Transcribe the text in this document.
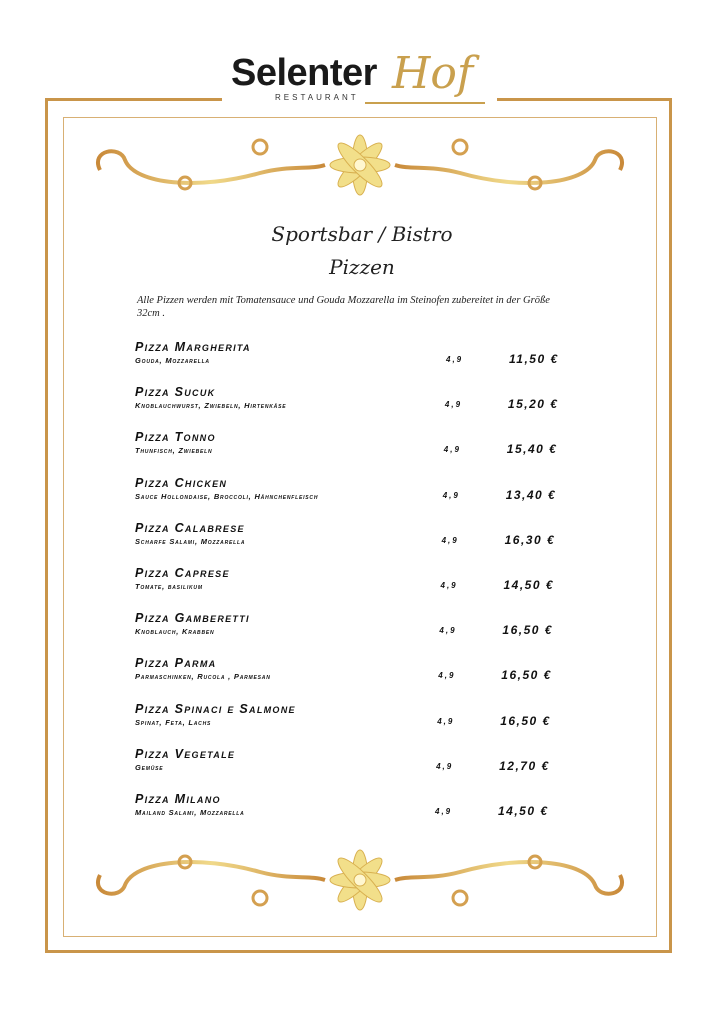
Selenter Hof
RESTAURANT
Sportsbar / Bistro
Pizzen
Alle Pizzen werden mit Tomatensauce und Gouda Mozzarella im Steinofen zubereitet in der Größe 32cm .
Pizza Margherita
Gouda, Mozzarella	4,9	11,50 €
Pizza Sucuk
Knoblauchwurst, Zwiebeln, Hirtenkäse	4,9	15,20 €
Pizza Tonno
Thunfisch, Zwiebeln	4,9	15,40 €
Pizza Chicken
Sauce Hollondaise, Broccoli, Hähnchenfleisch	4,9	13,40 €
Pizza Calabrese
Scharfe Salami, Mozzarella	4,9	16,30 €
Pizza Caprese
Tomate, basilikum	4,9	14,50 €
Pizza Gamberetti
Knoblauch, Krabben	4,9	16,50 €
Pizza Parma
Parmaschinken, Rucola , Parmesan	4,9	16,50 €
Pizza Spinaci e Salmone
Spinat, Feta, Lachs	4,9	16,50 €
Pizza Vegetale
Gemüse	4,9	12,70 €
Pizza Milano
Mailand Salami, Mozzarella	4,9	14,50 €
